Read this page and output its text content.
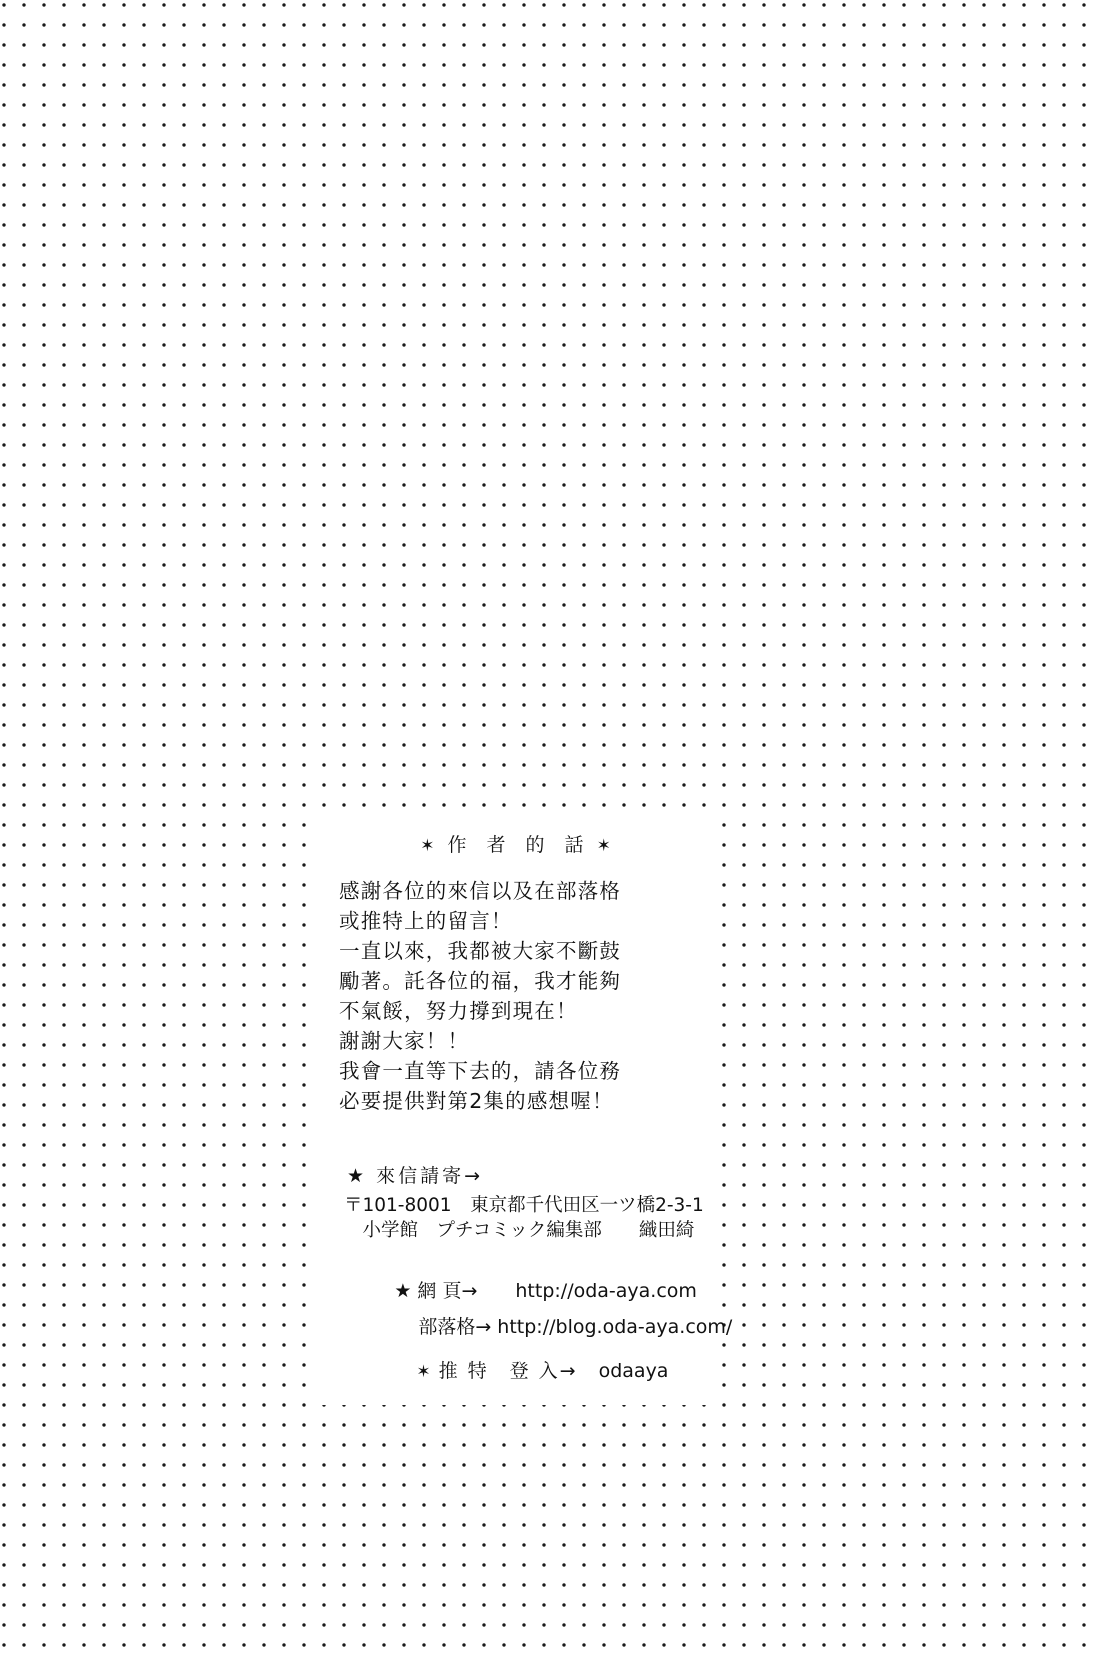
✶ 作 者 的 話 ✶
感謝各位的來信以及在部落格
或推特上的留言！
一直以來，我都被大家不斷鼓
勵著。託各位的福，我才能夠
不氣餒，努力撐到現在！
謝謝大家！！
我會一直等下去的，請各位務
必要提供對第2集的感想喔！
★ 來信請寄→
〒101-8001　東京都千代田区一ツ橋2-3-1
　小学館　プチコミック編集部　　織田綺

★ 網 頁→　　 http://oda-aya.com

部落格→ http://blog.oda-aya.com/

✶ 推 特　登 入→　 odaaya
